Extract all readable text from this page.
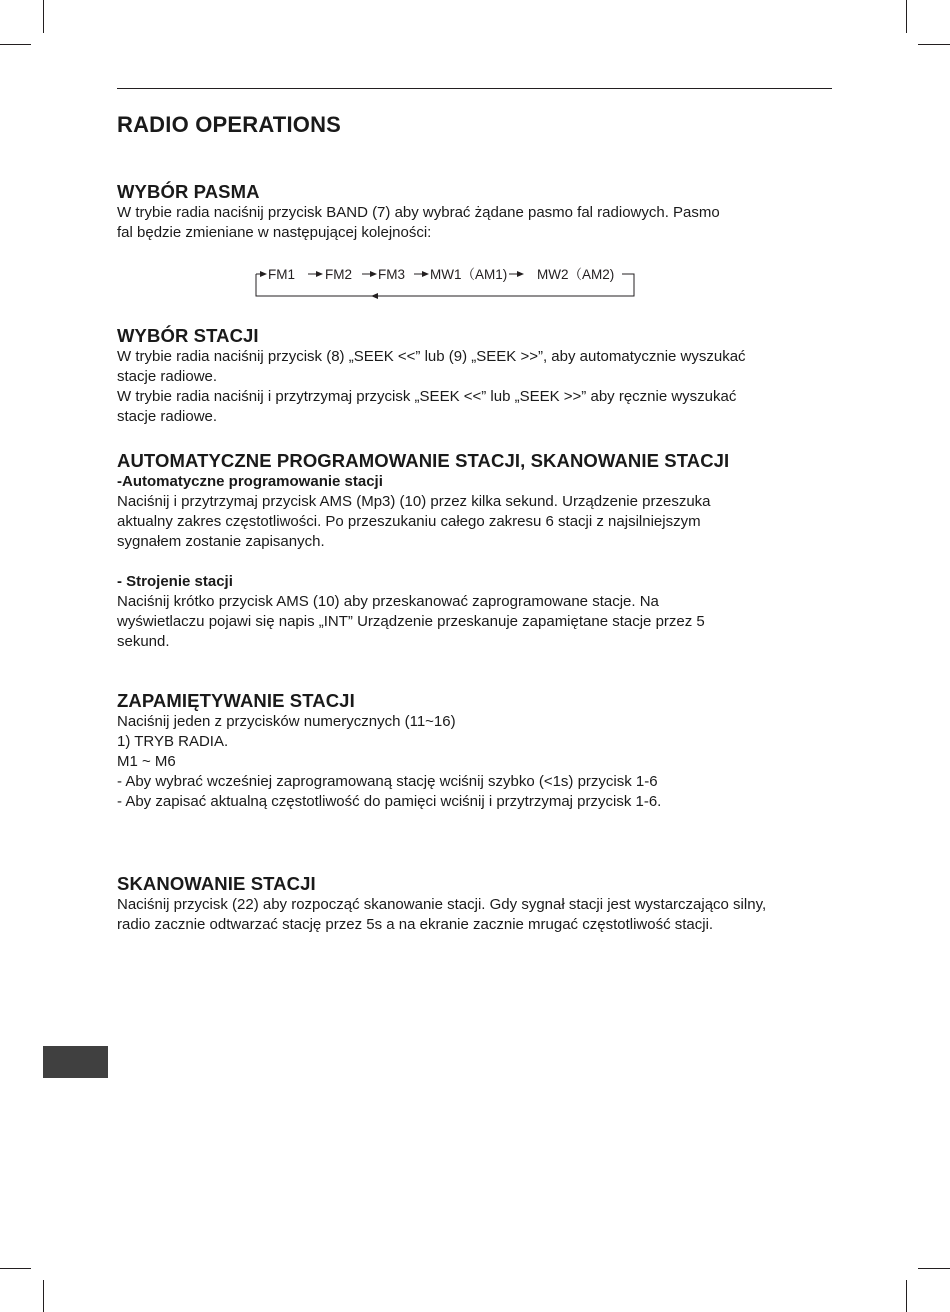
RADIO OPERATIONS
WYBÓR PASMA

W trybie radia naciśnij przycisk BAND (7) aby wybrać żądane pasmo fal radiowych. Pasmo

fal będzie zmieniane w następującej kolejności:

FM1 FM2 FM3 MW1（AM1) MW2（AM2)
WYBÓR STACJI

W trybie radia naciśnij przycisk (8) „SEEK <<” lub (9) „SEEK >>”, aby automatycznie wyszukać

stacje radiowe.

W trybie radia naciśnij i przytrzymaj przycisk „SEEK <<” lub „SEEK >>” aby ręcznie wyszukać

stacje radiowe.

AUTOMATYCZNE PROGRAMOWANIE STACJI, SKANOWANIE STACJI

-Automatyczne programowanie stacji

Naciśnij i przytrzymaj przycisk AMS (Mp3) (10) przez kilka sekund. Urządzenie przeszuka

aktualny zakres częstotliwości. Po przeszukaniu całego zakresu 6 stacji z najsilniejszym

sygnałem zostanie zapisanych.

- Strojenie stacji

Naciśnij krótko przycisk AMS (10) aby przeskanować zaprogramowane stacje. Na

wyświetlaczu pojawi się napis „INT” Urządzenie przeskanuje zapamiętane stacje przez 5

sekund.

ZAPAMIĘTYWANIE STACJI

Naciśnij jeden z przycisków numerycznych (11~16)

1) TRYB RADIA.

M1 ~ M6

- Aby wybrać wcześniej zaprogramowaną stację wciśnij szybko (<1s) przycisk 1-6

- Aby zapisać aktualną częstotliwość do pamięci wciśnij i przytrzymaj przycisk 1-6.

SKANOWANIE STACJI

Naciśnij przycisk (22) aby rozpocząć skanowanie stacji. Gdy sygnał stacji jest wystarczająco silny,

radio zacznie odtwarzać stację przez 5s a na ekranie zacznie mrugać częstotliwość stacji.
